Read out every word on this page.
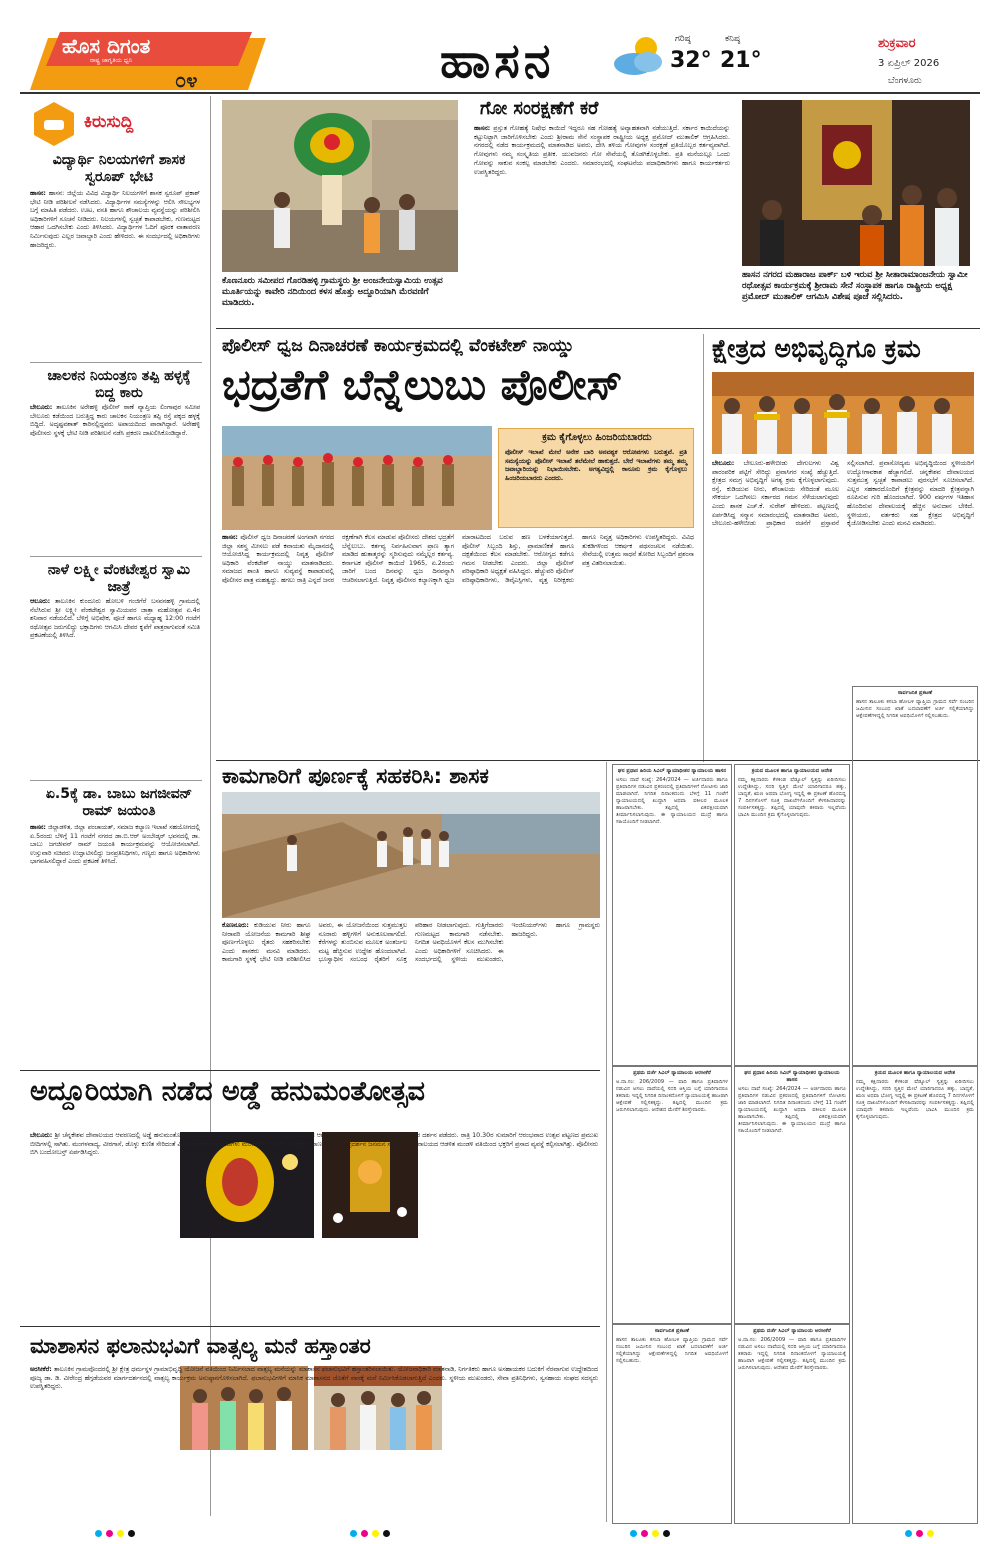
ಹೊಸ ದಿಗಂತ
ರಾಷ್ಟ್ರ ಜಾಗೃತಿಯ ಧ್ವನಿ
೦೪	ಹಾಸನ	ಗರಿಷ್ಠ
32°
ಕನಿಷ್ಠ
21°
ಶುಕ್ರವಾರ
3 ಏಪ್ರಿಲ್ 2026
ಬೆಂಗಳೂರು
ಕಿರುಸುದ್ದಿ
ವಿದ್ಯಾರ್ಥಿ ನಿಲಯಗಳಿಗೆ ಶಾಸಕ ಸ್ವರೂಪ್ ಭೇಟಿ
ಹಾಸನ: ಹಾಸನ: ಜಿಲ್ಲೆಯ ವಿವಿಧ ವಿದ್ಯಾರ್ಥಿ ನಿಲಯಗಳಿಗೆ ಶಾಸಕ ಸ್ವರೂಪ್ ಪ್ರಕಾಶ್ ಭೇಟಿ ನೀಡಿ ಪರಿಶೀಲನೆ ನಡೆಸಿದರು. ವಿದ್ಯಾರ್ಥಿಗಳ ಸಮಸ್ಯೆಗಳನ್ನು ಆಲಿಸಿ ಸೌಲಭ್ಯಗಳ ಬಗ್ಗೆ ಮಾಹಿತಿ ಪಡೆದರು. ಊಟ, ವಸತಿ ಹಾಗೂ ಶೌಚಾಲಯ ವ್ಯವಸ್ಥೆಯನ್ನು ಪರಿಶೀಲಿಸಿ ಅಧಿಕಾರಿಗಳಿಗೆ ಸೂಚನೆ ನೀಡಿದರು. ನಿಲಯಗಳಲ್ಲಿ ಸ್ವಚ್ಛತೆ ಕಾಪಾಡಬೇಕು, ಗುಣಮಟ್ಟದ ಆಹಾರ ಒದಗಿಸಬೇಕು ಎಂದು ತಿಳಿಸಿದರು. ವಿದ್ಯಾರ್ಥಿಗಳ ಓದಿಗೆ ಪೂರಕ ವಾತಾವರಣ ನಿರ್ಮಿಸುವುದು ಎಲ್ಲರ ಜವಾಬ್ದಾರಿ ಎಂದು ಹೇಳಿದರು. ಈ ಸಂದರ್ಭದಲ್ಲಿ ಅಧಿಕಾರಿಗಳು ಹಾಜರಿದ್ದರು.
ಚಾಲಕನ ನಿಯಂತ್ರಣ ತಪ್ಪಿ ಹಳ್ಳಕ್ಕೆ ಬಿದ್ದ ಕಾರು
ಬೇಲೂರು: ತಾಲೂಕಿನ ಅರೇಹಳ್ಳಿ ಪೊಲೀಸ್ ಠಾಣೆ ವ್ಯಾಪ್ತಿಯ ಲಿಂಗಾಪುರ ಸಮೀಪ ಬೇಲೂರು ಕಡೆಯಿಂದ ಬರುತ್ತಿದ್ದ ಕಾರು ಚಾಲಕನ ನಿಯಂತ್ರಣ ತಪ್ಪಿ ರಸ್ತೆ ಪಕ್ಕದ ಹಳ್ಳಕ್ಕೆ ಬಿದ್ದಿದೆ. ಅದೃಷ್ಟವಶಾತ್ ಕಾರಿನಲ್ಲಿದ್ದವರು ಅಪಾಯದಿಂದ ಪಾರಾಗಿದ್ದಾರೆ. ಅರೇಹಳ್ಳಿ ಪೊಲೀಸರು ಸ್ಥಳಕ್ಕೆ ಭೇಟಿ ನೀಡಿ ಪರಿಶೀಲನೆ ನಡೆಸಿ ಪ್ರಕರಣ ದಾಖಲಿಸಿಕೊಂಡಿದ್ದಾರೆ.
ನಾಳೆ ಲಕ್ಷ್ಮೀ ವೆಂಕಟೇಶ್ವರ ಸ್ವಾಮಿ ಜಾತ್ರೆ
ಆಲೂರು: ತಾಲೂಕಿನ ಕುಂದೂರು ಹೋಬಳಿ ಗಂಜಿಗೆರೆ ಬಸವನಹಳ್ಳಿ ಗ್ರಾಮದಲ್ಲಿ ನೆಲೆಸಿರುವ ಶ್ರೀ ಲಕ್ಷ್ಮೀ ವೆಂಕಟೇಶ್ವರ ಸ್ವಾಮಿಯವರ ಜಾತ್ರಾ ಮಹೋತ್ಸವ ಏ.4ರ ಶನಿವಾರ ನಡೆಯಲಿದೆ. ಬೆಳಿಗ್ಗೆ ಅಭಿಷೇಕ, ಪೂಜೆ ಹಾಗೂ ಮಧ್ಯಾಹ್ನ 12:00 ಗಂಟೆಗೆ ರಥೋತ್ಸವ ಜರುಗಲಿದ್ದು ಭಕ್ತಾದಿಗಳು ಆಗಮಿಸಿ ದೇವರ ಕೃಪೆಗೆ ಪಾತ್ರರಾಗುವಂತೆ ಸಮಿತಿ ಪ್ರಕಟಣೆಯಲ್ಲಿ ತಿಳಿಸಿದೆ.
ಏ.5ಕ್ಕೆ ಡಾ. ಬಾಬು ಜಗಜೀವನ್ ರಾಮ್ ಜಯಂತಿ
ಹಾಸನ: ಜಿಲ್ಲಾಡಳಿತ, ಜಿಲ್ಲಾ ಪಂಚಾಯತ್, ಸಮಾಜ ಕಲ್ಯಾಣ ಇಲಾಖೆ ಸಹಯೋಗದಲ್ಲಿ ಏ.5ರಂದು ಬೆಳಿಗ್ಗೆ 11 ಗಂಟೆಗೆ ನಗರದ ಡಾ.ಬಿ.ಆರ್ ಅಂಬೇಡ್ಕರ್ ಭವನದಲ್ಲಿ ಡಾ. ಬಾಬು ಜಗಜೀವನ್ ರಾಮ್ ಜಯಂತಿ ಕಾರ್ಯಕ್ರಮವನ್ನು ಆಯೋಜಿಸಲಾಗಿದೆ. ಉಸ್ತುವಾರಿ ಸಚಿವರು ಉದ್ಘಾಟಿಸಲಿದ್ದು ಜನಪ್ರತಿನಿಧಿಗಳು, ಗಣ್ಯರು ಹಾಗೂ ಅಧಿಕಾರಿಗಳು ಭಾಗವಹಿಸಲಿದ್ದಾರೆ ಎಂದು ಪ್ರಕಟಣೆ ತಿಳಿಸಿದೆ.
ಕೊಣನೂರು ಸಮೀಪದ ಗೊರಡಿಹಳ್ಳಿ ಗ್ರಾಮಸ್ಥರು ಶ್ರೀ ಅಂಜನೇಯಸ್ವಾಮಿಯ ಉತ್ಸವ ಮೂರ್ತಿಯನ್ನು ಕಾವೇರಿ ನದಿಯಿಂದ ಕಳಸ ಹೊತ್ತು ಅದ್ದೂರಿಯಾಗಿ ಮೆರವಣಿಗೆ ಮಾಡಿದರು.
ಗೋ ಸಂರಕ್ಷಣೆಗೆ ಕರೆ
ಹಾಸನ: ಪ್ರಸ್ತುತ ಗೋಹತ್ಯೆ ನಿಷೇಧ ಕಾಯಿದೆ ಇದ್ದರೂ ಸಹ ಗೋಹತ್ಯೆ ಅವ್ಯಾಹತವಾಗಿ ನಡೆಯುತ್ತಿದೆ. ಸರ್ಕಾರ ಕಾಯಿದೆಯನ್ನು ಕಟ್ಟುನಿಟ್ಟಾಗಿ ಜಾರಿಗೊಳಿಸಬೇಕು ಎಂದು ಶ್ರೀರಾಮ ಸೇನೆ ಸಂಸ್ಥಾಪಕ ರಾಷ್ಟ್ರೀಯ ಅಧ್ಯಕ್ಷ ಪ್ರಮೋದ್ ಮುತಾಲಿಕ್ ಆಗ್ರಹಿಸಿದರು. ನಗರದಲ್ಲಿ ನಡೆದ ಕಾರ್ಯಕ್ರಮದಲ್ಲಿ ಮಾತನಾಡಿದ ಅವರು, ದೇಸಿ ತಳಿಯ ಗೋವುಗಳ ಸಂರಕ್ಷಣೆ ಪ್ರತಿಯೊಬ್ಬರ ಕರ್ತವ್ಯವಾಗಿದೆ. ಗೋವುಗಳು ನಮ್ಮ ಸಂಸ್ಕೃತಿಯ ಪ್ರತೀಕ. ಯುವಜನರು ಗೋ ಸೇವೆಯಲ್ಲಿ ತೊಡಗಿಕೊಳ್ಳಬೇಕು. ಪ್ರತಿ ಮನೆಯಲ್ಲೂ ಒಂದು ಗೋವನ್ನು ಸಾಕುವ ಸಂಕಲ್ಪ ಮಾಡಬೇಕು ಎಂದರು. ಸಮಾರಂಭದಲ್ಲಿ ಸಂಘಟನೆಯ ಪದಾಧಿಕಾರಿಗಳು ಹಾಗೂ ಕಾರ್ಯಕರ್ತರು ಉಪಸ್ಥಿತರಿದ್ದರು.
ಹಾಸನ ನಗರದ ಮಹಾರಾಜ ಪಾರ್ಕ್ ಬಳಿ ಇರುವ ಶ್ರೀ ಸೀತಾರಾಮಾಂಜನೇಯ ಸ್ವಾಮೀ ರಥೋತ್ಸವ ಕಾರ್ಯಕ್ರಮಕ್ಕೆ ಶ್ರೀರಾಮ ಸೇನೆ ಸಂಸ್ಥಾಪಕ ಹಾಗೂ ರಾಷ್ಟ್ರೀಯ ಅಧ್ಯಕ್ಷ ಪ್ರಮೋದ್ ಮುತಾಲಿಕ್ ಆಗಮಿಸಿ ವಿಶೇಷ ಪೂಜೆ ಸಲ್ಲಿಸಿದರು.
ಪೊಲೀಸ್ ಧ್ವಜ ದಿನಾಚರಣೆ ಕಾರ್ಯಕ್ರಮದಲ್ಲಿ ವೆಂಕಟೇಶ್ ನಾಯ್ಡು
ಭದ್ರತೆಗೆ ಬೆನ್ನೆಲುಬು ಪೊಲೀಸ್
ಕ್ರಮ ಕೈಗೊಳ್ಳಲು ಹಿಂಜರಿಯಬಾರದು
ಪೊಲೀಸ್ ಇಲಾಖೆ ಮೇಲೆ ಅನೇಕ ಬಾರಿ ಅನವಶ್ಯಕ ಆರೋಪಗಳು ಬರುತ್ತವೆ. ಪ್ರತಿ ಸಮಸ್ಯೆಯನ್ನು ಪೊಲೀಸ್ ಇಲಾಖೆ ತಲೆಮೇಲೆ ಹಾಕುತ್ತದೆ. ಬೇರೆ ಇಲಾಖೆಗಳು ತಮ್ಮ ತಮ್ಮ ಜವಾಬ್ದಾರಿಯನ್ನು ನಿಭಾಯಿಸಬೇಕು. ಅಗತ್ಯವಿದ್ದಲ್ಲಿ ಕಾನೂನು ಕ್ರಮ ಕೈಗೊಳ್ಳಲು ಹಿಂಜರಿಯಬಾರದು ಎಂದರು.
ಹಾಸನ: ಪೊಲೀಸ್ ಧ್ವಜ ದಿನಾಚರಣೆ ಅಂಗವಾಗಿ ನಗರದ ಜಿಲ್ಲಾ ಸಶಸ್ತ್ರ ಮೀಸಲು ಪಡೆ ಕವಾಯತು ಮೈದಾನದಲ್ಲಿ ಆಯೋಜಿಸಿದ್ದ ಕಾರ್ಯಕ್ರಮದಲ್ಲಿ ನಿವೃತ್ತ ಪೊಲೀಸ್ ಅಧಿಕಾರಿ ವೆಂಕಟೇಶ್ ನಾಯ್ಡು ಮಾತನಾಡಿದರು. ಸಮಾಜದ ಶಾಂತಿ ಹಾಗೂ ಸುವ್ಯವಸ್ಥೆ ಕಾಪಾಡುವಲ್ಲಿ ಪೊಲೀಸರ ಪಾತ್ರ ಮಹತ್ವದ್ದು. ಹಗಲು ರಾತ್ರಿ ಎನ್ನದೆ ಜನರ ರಕ್ಷಣೆಗಾಗಿ ಕೆಲಸ ಮಾಡುವ ಪೊಲೀಸರು ದೇಶದ ಭದ್ರತೆಗೆ ಬೆನ್ನೆಲುಬು. ಕರ್ತವ್ಯ ನಿರ್ವಹಿಸುವಾಗ ಪ್ರಾಣ ತ್ಯಾಗ ಮಾಡಿದ ಹುತಾತ್ಮರನ್ನು ಸ್ಮರಿಸುವುದು ನಮ್ಮೆಲ್ಲರ ಕರ್ತವ್ಯ. ಕರ್ನಾಟಕ ಪೊಲೀಸ್ ಕಾಯಿದೆ 1965, ಏ.2ರಂದು ಜಾರಿಗೆ ಬಂದ ದಿನವನ್ನು ಧ್ವಜ ದಿನವನ್ನಾಗಿ ಆಚರಿಸಲಾಗುತ್ತಿದೆ. ನಿವೃತ್ತ ಪೊಲೀಸರ ಕಲ್ಯಾಣಕ್ಕಾಗಿ ಧ್ವಜ ಮಾರಾಟದಿಂದ ಬರುವ ಹಣ ಬಳಕೆಯಾಗುತ್ತದೆ. ಪೊಲೀಸ್ ಸಿಬ್ಬಂದಿ ಶಿಸ್ತು, ಪ್ರಾಮಾಣಿಕತೆ ಹಾಗೂ ದಕ್ಷತೆಯಿಂದ ಕೆಲಸ ಮಾಡಬೇಕು. ಆರೋಗ್ಯದ ಕಡೆಗೂ ಗಮನ ನೀಡಬೇಕು ಎಂದರು. ಜಿಲ್ಲಾ ಪೊಲೀಸ್ ವರಿಷ್ಠಾಧಿಕಾರಿ ಅಧ್ಯಕ್ಷತೆ ವಹಿಸಿದ್ದರು. ಹೆಚ್ಚುವರಿ ಪೊಲೀಸ್ ವರಿಷ್ಠಾಧಿಕಾರಿಗಳು, ಡಿವೈಎಸ್ಪಿಗಳು, ವೃತ್ತ ನಿರೀಕ್ಷಕರು ಹಾಗೂ ನಿವೃತ್ತ ಅಧಿಕಾರಿಗಳು ಉಪಸ್ಥಿತರಿದ್ದರು. ವಿವಿಧ ತುಕಡಿಗಳಿಂದ ಆಕರ್ಷಕ ಪಥಸಂಚಲನ ನಡೆಯಿತು. ಸೇವೆಯಲ್ಲಿ ಉತ್ತಮ ಸಾಧನೆ ತೋರಿದ ಸಿಬ್ಬಂದಿಗೆ ಪ್ರಶಂಸಾ ಪತ್ರ ವಿತರಿಸಲಾಯಿತು.
ಕ್ಷೇತ್ರದ ಅಭಿವೃದ್ಧಿಗೂ ಕ್ರಮ
ಬೇಲೂರು: ಬೇಲೂರು-ಹಳೇಬೀಡು ದೇಗುಲಗಳು ವಿಶ್ವ ಪಾರಂಪರಿಕ ಪಟ್ಟಿಗೆ ಸೇರಿದ್ದು ಪ್ರವಾಸಿಗರ ಸಂಖ್ಯೆ ಹೆಚ್ಚುತ್ತಿದೆ. ಕ್ಷೇತ್ರದ ಸಮಗ್ರ ಅಭಿವೃದ್ಧಿಗೆ ಅಗತ್ಯ ಕ್ರಮ ಕೈಗೊಳ್ಳಲಾಗುವುದು. ರಸ್ತೆ, ಕುಡಿಯುವ ನೀರು, ಶೌಚಾಲಯ ಸೇರಿದಂತೆ ಮೂಲ ಸೌಕರ್ಯ ಒದಗಿಸಲು ಸರ್ಕಾರದ ಗಮನ ಸೆಳೆಯಲಾಗುವುದು ಎಂದು ಶಾಸಕ ಎಚ್.ಕೆ. ಸುರೇಶ್ ಹೇಳಿದರು. ಪಟ್ಟಣದಲ್ಲಿ ಏರ್ಪಡಿಸಿದ್ದ ಸನ್ಮಾನ ಸಮಾರಂಭದಲ್ಲಿ ಮಾತನಾಡಿದ ಅವರು, ಬೇಲೂರು-ಹಳೇಬೀಡು ಪ್ರಾಧಿಕಾರ ರಚನೆಗೆ ಪ್ರಸ್ತಾವನೆ ಸಲ್ಲಿಸಲಾಗಿದೆ. ಪ್ರವಾಸೋದ್ಯಮ ಅಭಿವೃದ್ಧಿಯಿಂದ ಸ್ಥಳೀಯರಿಗೆ ಉದ್ಯೋಗಾವಕಾಶ ಹೆಚ್ಚಾಗಲಿದೆ. ಚನ್ನಕೇಶವ ದೇವಾಲಯದ ಸುತ್ತಮುತ್ತ ಸ್ವಚ್ಛತೆ ಕಾಪಾಡಲು ಪುರಸಭೆಗೆ ಸೂಚಿಸಲಾಗಿದೆ. ಎಲ್ಲರ ಸಹಕಾರದೊಂದಿಗೆ ಕ್ಷೇತ್ರವನ್ನು ಮಾದರಿ ಕ್ಷೇತ್ರವನ್ನಾಗಿ ರೂಪಿಸುವ ಗುರಿ ಹೊಂದಲಾಗಿದೆ. 900 ವರ್ಷಗಳ ಇತಿಹಾಸ ಹೊಂದಿರುವ ದೇವಾಲಯಕ್ಕೆ ಹೆಚ್ಚಿನ ಅನುದಾನ ಬೇಕಿದೆ. ಸ್ಥಳೀಯರು, ವರ್ತಕರು ಸಹ ಕ್ಷೇತ್ರದ ಅಭಿವೃದ್ಧಿಗೆ ಕೈಜೋಡಿಸಬೇಕು ಎಂದು ಮನವಿ ಮಾಡಿದರು.
ಕಾಮಗಾರಿಗೆ ಪೂರ್ಣಕ್ಕೆ ಸಹಕರಿಸಿ: ಶಾಸಕ
ಕೊಣನೂರು: ಕುಡಿಯುವ ನೀರು ಹಾಗೂ ನೀರಾವರಿ ಯೋಜನೆಯ ಕಾಮಗಾರಿ ಶೀಘ್ರ ಪೂರ್ಣಗೊಳ್ಳಲು ರೈತರು ಸಹಕರಿಸಬೇಕು ಎಂದು ಶಾಸಕರು ಮನವಿ ಮಾಡಿದರು. ಕಾಮಗಾರಿ ಸ್ಥಳಕ್ಕೆ ಭೇಟಿ ನೀಡಿ ಪರಿಶೀಲಿಸಿದ ಅವರು, ಈ ಯೋಜನೆಯಿಂದ ಸುತ್ತಮುತ್ತಲ ನೂರಾರು ಹಳ್ಳಿಗಳಿಗೆ ಅನುಕೂಲವಾಗಲಿದೆ. ಕೆರೆಗಳನ್ನು ತುಂಬಿಸುವ ಮೂಲಕ ಅಂತರ್ಜಲ ಮಟ್ಟ ಹೆಚ್ಚಿಸುವ ಉದ್ದೇಶ ಹೊಂದಲಾಗಿದೆ. ಭೂಸ್ವಾಧೀನ ಸಂಬಂಧ ರೈತರಿಗೆ ಸೂಕ್ತ ಪರಿಹಾರ ನೀಡಲಾಗುವುದು. ಗುತ್ತಿಗೆದಾರರು ಗುಣಮಟ್ಟದ ಕಾಮಗಾರಿ ನಡೆಸಬೇಕು. ನಿಗದಿತ ಅವಧಿಯೊಳಗೆ ಕೆಲಸ ಮುಗಿಸಬೇಕು ಎಂದು ಅಧಿಕಾರಿಗಳಿಗೆ ಸೂಚಿಸಿದರು. ಈ ಸಂದರ್ಭದಲ್ಲಿ ಸ್ಥಳೀಯ ಮುಖಂಡರು, ಇಂಜಿನಿಯರ್‌ಗಳು ಹಾಗೂ ಗ್ರಾಮಸ್ಥರು ಹಾಜರಿದ್ದರು.
ಘನ ಪ್ರಧಾನ ಹಿರಿಯ ಸಿವಿಲ್ ನ್ಯಾಯಾಧೀಶರ ನ್ಯಾಯಾಲಯ ಹಾಸನ
ಅಸಲು ದಾವೆ ಸಂಖ್ಯೆ: 264/2024 — ಅರ್ಜಿದಾರರು ಹಾಗೂ ಪ್ರತಿವಾದಿಗಳ ನಡುವಿನ ಪ್ರಕರಣದಲ್ಲಿ ಪ್ರತಿವಾದಿಗಳಿಗೆ ನೋಟೀಸು ಜಾರಿ ಮಾಡಲಾಗಿದೆ. ನಿಗದಿತ ದಿನಾಂಕದಂದು ಬೆಳಿಗ್ಗೆ 11 ಗಂಟೆಗೆ ನ್ಯಾಯಾಲಯದಲ್ಲಿ ಖುದ್ದಾಗಿ ಅಥವಾ ವಕೀಲರ ಮೂಲಕ ಹಾಜರಾಗಬೇಕು. ತಪ್ಪಿದಲ್ಲಿ ಏಕಪಕ್ಷೀಯವಾಗಿ ತೀರ್ಮಾನಿಸಲಾಗುವುದು. ಈ ನ್ಯಾಯಾಲಯದ ಮುದ್ರೆ ಹಾಗೂ ಸಹಿಯೊಂದಿಗೆ ನೀಡಲಾಗಿದೆ.
ಕ್ರಯದ ಮೂಲಕ ಹಾಗೂ ನ್ಯಾಯಾಲಯದ ಆದೇಶ
ನಮ್ಮ ಕಕ್ಷಿದಾರರು ಕೆಳಕಂಡ ಷೆಡ್ಯೂಲ್ ಸ್ವತ್ತನ್ನು ಖರೀದಿಸಲು ಉದ್ದೇಶಿಸಿದ್ದು, ಸದರಿ ಸ್ವತ್ತಿನ ಮೇಲೆ ಯಾರಿಗಾದರೂ ಹಕ್ಕು, ಬಾಧ್ಯತೆ, ಋಣ ಅಥವಾ ಭೋಗ್ಯ ಇದ್ದಲ್ಲಿ ಈ ಪ್ರಕಟಣೆ ಹೊರಬಿದ್ದ 7 ದಿನಗಳೊಳಗೆ ಸೂಕ್ತ ದಾಖಲೆಗಳೊಂದಿಗೆ ಕೆಳಸಹಿದಾರರನ್ನು ಸಂಪರ್ಕಿಸತಕ್ಕದ್ದು. ತಪ್ಪಿದಲ್ಲಿ ಯಾವುದೇ ತಕರಾರು ಇಲ್ಲವೆಂದು ಭಾವಿಸಿ ಮುಂದಿನ ಕ್ರಮ ಕೈಗೊಳ್ಳಲಾಗುವುದು.
ಸಾರ್ವಜನಿಕ ಪ್ರಕಟಣೆ
ಹಾಸನ ತಾಲೂಕು ಕಸಬಾ ಹೋಬಳಿ ವ್ಯಾಪ್ತಿಯ ಗ್ರಾಮದ ಸರ್ವೆ ನಂಬರಿನ ಜಮೀನಿನ ಸಂಬಂಧ ಖಾತೆ ಬದಲಾವಣೆಗೆ ಅರ್ಜಿ ಸಲ್ಲಿಕೆಯಾಗಿದ್ದು ಆಕ್ಷೇಪಣೆಗಳಿದ್ದಲ್ಲಿ ನಿಗದಿತ ಅವಧಿಯೊಳಗೆ ಸಲ್ಲಿಸಬಹುದು.
ಪ್ರಥಮ ದರ್ಜೆ ಸಿವಿಲ್ ನ್ಯಾಯಾಲಯ ಅರಸೀಕೆರೆ
ಅ.ದಾ.ಸಂ: 206/2009 — ವಾದಿ ಹಾಗೂ ಪ್ರತಿವಾದಿಗಳ ನಡುವಿನ ಅಸಲು ದಾವೆಯಲ್ಲಿ ಸದರಿ ಆಸ್ತಿಯ ಬಗ್ಗೆ ಯಾರಿಗಾದರೂ ತಕರಾರು ಇದ್ದಲ್ಲಿ ನಿಗದಿತ ದಿನಾಂಕದೊಳಗೆ ನ್ಯಾಯಾಲಯಕ್ಕೆ ಹಾಜರಾಗಿ ಆಕ್ಷೇಪಣೆ ಸಲ್ಲಿಸತಕ್ಕದ್ದು. ತಪ್ಪಿದಲ್ಲಿ ಮುಂದಿನ ಕ್ರಮ ಜರುಗಿಸಲಾಗುವುದು. ಆದೇಶದ ಮೇರೆಗೆ ಶಿರಸ್ತೇದಾರರು.
ಘನ ಪ್ರಧಾನ ಹಿರಿಯ ಸಿವಿಲ್ ನ್ಯಾಯಾಧೀಶರ ನ್ಯಾಯಾಲಯ ಹಾಸನ
ಅಸಲು ದಾವೆ ಸಂಖ್ಯೆ: 264/2024 — ಅರ್ಜಿದಾರರು ಹಾಗೂ ಪ್ರತಿವಾದಿಗಳ ನಡುವಿನ ಪ್ರಕರಣದಲ್ಲಿ ಪ್ರತಿವಾದಿಗಳಿಗೆ ನೋಟೀಸು ಜಾರಿ ಮಾಡಲಾಗಿದೆ. ನಿಗದಿತ ದಿನಾಂಕದಂದು ಬೆಳಿಗ್ಗೆ 11 ಗಂಟೆಗೆ ನ್ಯಾಯಾಲಯದಲ್ಲಿ ಖುದ್ದಾಗಿ ಅಥವಾ ವಕೀಲರ ಮೂಲಕ ಹಾಜರಾಗಬೇಕು. ತಪ್ಪಿದಲ್ಲಿ ಏಕಪಕ್ಷೀಯವಾಗಿ ತೀರ್ಮಾನಿಸಲಾಗುವುದು. ಈ ನ್ಯಾಯಾಲಯದ ಮುದ್ರೆ ಹಾಗೂ ಸಹಿಯೊಂದಿಗೆ ನೀಡಲಾಗಿದೆ.
ಕ್ರಯದ ಮೂಲಕ ಹಾಗೂ ನ್ಯಾಯಾಲಯದ ಆದೇಶ
ನಮ್ಮ ಕಕ್ಷಿದಾರರು ಕೆಳಕಂಡ ಷೆಡ್ಯೂಲ್ ಸ್ವತ್ತನ್ನು ಖರೀದಿಸಲು ಉದ್ದೇಶಿಸಿದ್ದು, ಸದರಿ ಸ್ವತ್ತಿನ ಮೇಲೆ ಯಾರಿಗಾದರೂ ಹಕ್ಕು, ಬಾಧ್ಯತೆ, ಋಣ ಅಥವಾ ಭೋಗ್ಯ ಇದ್ದಲ್ಲಿ ಈ ಪ್ರಕಟಣೆ ಹೊರಬಿದ್ದ 7 ದಿನಗಳೊಳಗೆ ಸೂಕ್ತ ದಾಖಲೆಗಳೊಂದಿಗೆ ಕೆಳಸಹಿದಾರರನ್ನು ಸಂಪರ್ಕಿಸತಕ್ಕದ್ದು. ತಪ್ಪಿದಲ್ಲಿ ಯಾವುದೇ ತಕರಾರು ಇಲ್ಲವೆಂದು ಭಾವಿಸಿ ಮುಂದಿನ ಕ್ರಮ ಕೈಗೊಳ್ಳಲಾಗುವುದು.
ಸಾರ್ವಜನಿಕ ಪ್ರಕಟಣೆ
ಹಾಸನ ತಾಲೂಕು ಕಸಬಾ ಹೋಬಳಿ ವ್ಯಾಪ್ತಿಯ ಗ್ರಾಮದ ಸರ್ವೆ ನಂಬರಿನ ಜಮೀನಿನ ಸಂಬಂಧ ಖಾತೆ ಬದಲಾವಣೆಗೆ ಅರ್ಜಿ ಸಲ್ಲಿಕೆಯಾಗಿದ್ದು ಆಕ್ಷೇಪಣೆಗಳಿದ್ದಲ್ಲಿ ನಿಗದಿತ ಅವಧಿಯೊಳಗೆ ಸಲ್ಲಿಸಬಹುದು.
ಪ್ರಥಮ ದರ್ಜೆ ಸಿವಿಲ್ ನ್ಯಾಯಾಲಯ ಅರಸೀಕೆರೆ
ಅ.ದಾ.ಸಂ: 206/2009 — ವಾದಿ ಹಾಗೂ ಪ್ರತಿವಾದಿಗಳ ನಡುವಿನ ಅಸಲು ದಾವೆಯಲ್ಲಿ ಸದರಿ ಆಸ್ತಿಯ ಬಗ್ಗೆ ಯಾರಿಗಾದರೂ ತಕರಾರು ಇದ್ದಲ್ಲಿ ನಿಗದಿತ ದಿನಾಂಕದೊಳಗೆ ನ್ಯಾಯಾಲಯಕ್ಕೆ ಹಾಜರಾಗಿ ಆಕ್ಷೇಪಣೆ ಸಲ್ಲಿಸತಕ್ಕದ್ದು. ತಪ್ಪಿದಲ್ಲಿ ಮುಂದಿನ ಕ್ರಮ ಜರುಗಿಸಲಾಗುವುದು. ಆದೇಶದ ಮೇರೆಗೆ ಶಿರಸ್ತೇದಾರರು.
ಅದ್ದೂರಿಯಾಗಿ ನಡೆದ ಅಡ್ಡೆ ಹನುಮಂತೋತ್ಸವ
ಬೇಲೂರು: ಶ್ರೀ ಚೆನ್ನಕೇಶವ ದೇವಾಲಯದ ಆವರಣದಲ್ಲಿ ಅಡ್ಡೆ ಹನುಮಂತೋತ್ಸವ ಸಡಗರ ಸಂಭ್ರಮದಿಂದ ಜರುಗಿತು. ನಾಡಿನ ವಿವಿಧ ಭಾಗಗಳಿಂದ ಆಗಮಿಸಿದ್ದ ಭಕ್ತರು ಉತ್ಸವದಲ್ಲಿ ಪಾಲ್ಗೊಂಡು ದೇವರ ದರ್ಶನ ಪಡೆದರು. ರಾತ್ರಿ 10.30ರ ಸುಮಾರಿಗೆ ಆರಂಭವಾದ ಉತ್ಸವ ಪಟ್ಟಣದ ಪ್ರಮುಖ ಬೀದಿಗಳಲ್ಲಿ ಸಾಗಿತು. ಮಂಗಳವಾದ್ಯ, ವೀರಗಾಸೆ, ಡೊಳ್ಳು ಕುಣಿತ ಸೇರಿದಂತೆ ವಿವಿಧ ಜಾನಪದ ಕಲಾತಂಡಗಳು ಮೆರವಣಿಗೆಗೆ ಮೆರುಗು ನೀಡಿದವು. ಬಾಣ ಬಿರುಸುಗಳ ಪ್ರದರ್ಶನ ಜನಮನ ಸೆಳೆಯಿತು. ದೇವಾಲಯದ ಆಡಳಿತ ಮಂಡಳಿ ವತಿಯಿಂದ ಭಕ್ತರಿಗೆ ಪ್ರಸಾದ ವ್ಯವಸ್ಥೆ ಕಲ್ಪಿಸಲಾಗಿತ್ತು. ಪೊಲೀಸರು ಬಿಗಿ ಬಂದೋಬಸ್ತ್ ಏರ್ಪಡಿಸಿದ್ದರು.
ಮಾಶಾಸನ ಫಲಾನುಭವಿಗೆ ವಾತ್ಸಲ್ಯ ಮನೆ ಹಸ್ತಾಂತರ
ಅರಸೀಕೆರೆ: ತಾಲೂಕಿನ ಗ್ರಾಮವೊಂದರಲ್ಲಿ ಶ್ರೀ ಕ್ಷೇತ್ರ ಧರ್ಮಸ್ಥಳ ಗ್ರಾಮಾಭಿವೃದ್ಧಿ ಯೋಜನೆ ವತಿಯಿಂದ ನಿರ್ಮಿಸಲಾದ ವಾತ್ಸಲ್ಯ ಮನೆಯನ್ನು ಮಾಶಾಸನ ಫಲಾನುಭವಿಗೆ ಹಸ್ತಾಂತರಿಸಲಾಯಿತು. ಯೋಜನಾಧಿಕಾರಿ ಮಾತನಾಡಿ, ನಿರ್ಗತಿಕರು ಹಾಗೂ ಅಸಹಾಯಕರ ಬದುಕಿಗೆ ನೆರವಾಗುವ ಉದ್ದೇಶದಿಂದ ಪೂಜ್ಯ ಡಾ. ಡಿ. ವೀರೇಂದ್ರ ಹೆಗ್ಗಡೆಯವರ ಮಾರ್ಗದರ್ಶನದಲ್ಲಿ ವಾತ್ಸಲ್ಯ ಕಾರ್ಯಕ್ರಮ ಅನುಷ್ಠಾನಗೊಳಿಸಲಾಗಿದೆ. ಫಲಾನುಭವಿಗಳಿಗೆ ಮಾಸಿಕ ಮಾಶಾಸನದ ಜೊತೆಗೆ ವಾಸಕ್ಕೆ ಮನೆ ನಿರ್ಮಿಸಿಕೊಡಲಾಗುತ್ತಿದೆ ಎಂದರು. ಸ್ಥಳೀಯ ಮುಖಂಡರು, ಸೇವಾ ಪ್ರತಿನಿಧಿಗಳು, ಸ್ವಸಹಾಯ ಸಂಘದ ಸದಸ್ಯರು ಉಪಸ್ಥಿತರಿದ್ದರು.
